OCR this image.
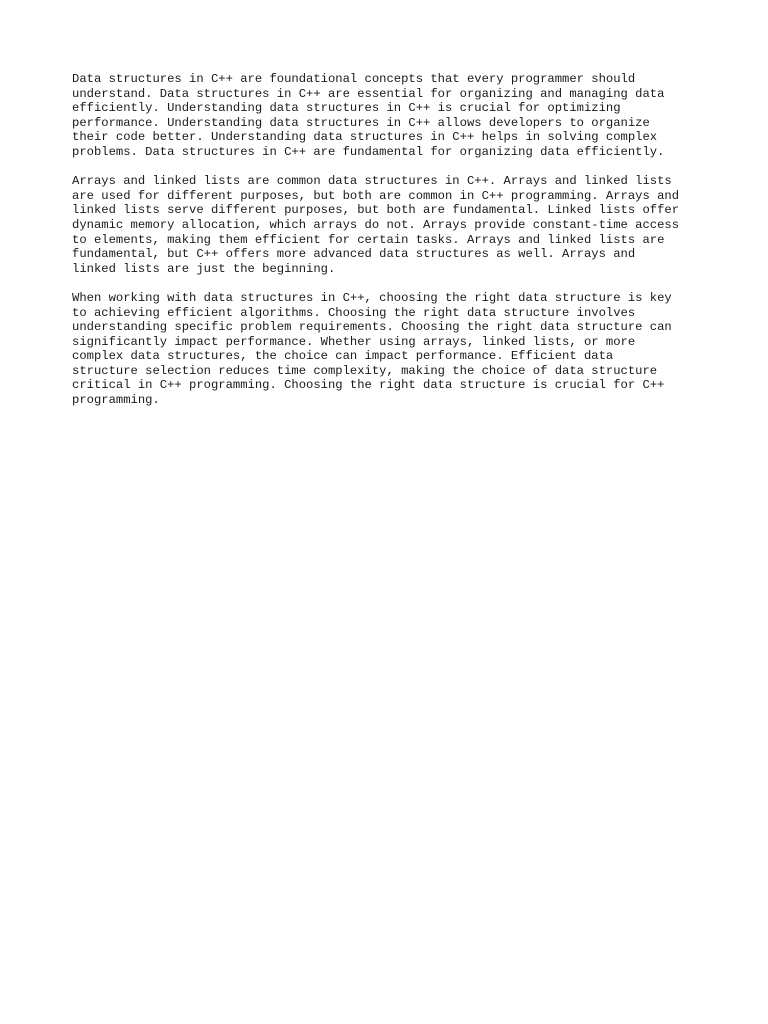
Data structures in C++ are foundational concepts that every programmer should
understand. Data structures in C++ are essential for organizing and managing data
efficiently. Understanding data structures in C++ is crucial for optimizing
performance. Understanding data structures in C++ allows developers to organize
their code better. Understanding data structures in C++ helps in solving complex
problems. Data structures in C++ are fundamental for organizing data efficiently.

Arrays and linked lists are common data structures in C++. Arrays and linked lists
are used for different purposes, but both are common in C++ programming. Arrays and
linked lists serve different purposes, but both are fundamental. Linked lists offer
dynamic memory allocation, which arrays do not. Arrays provide constant-time access
to elements, making them efficient for certain tasks. Arrays and linked lists are
fundamental, but C++ offers more advanced data structures as well. Arrays and
linked lists are just the beginning.

When working with data structures in C++, choosing the right data structure is key
to achieving efficient algorithms. Choosing the right data structure involves
understanding specific problem requirements. Choosing the right data structure can
significantly impact performance. Whether using arrays, linked lists, or more
complex data structures, the choice can impact performance. Efficient data
structure selection reduces time complexity, making the choice of data structure
critical in C++ programming. Choosing the right data structure is crucial for C++
programming.
